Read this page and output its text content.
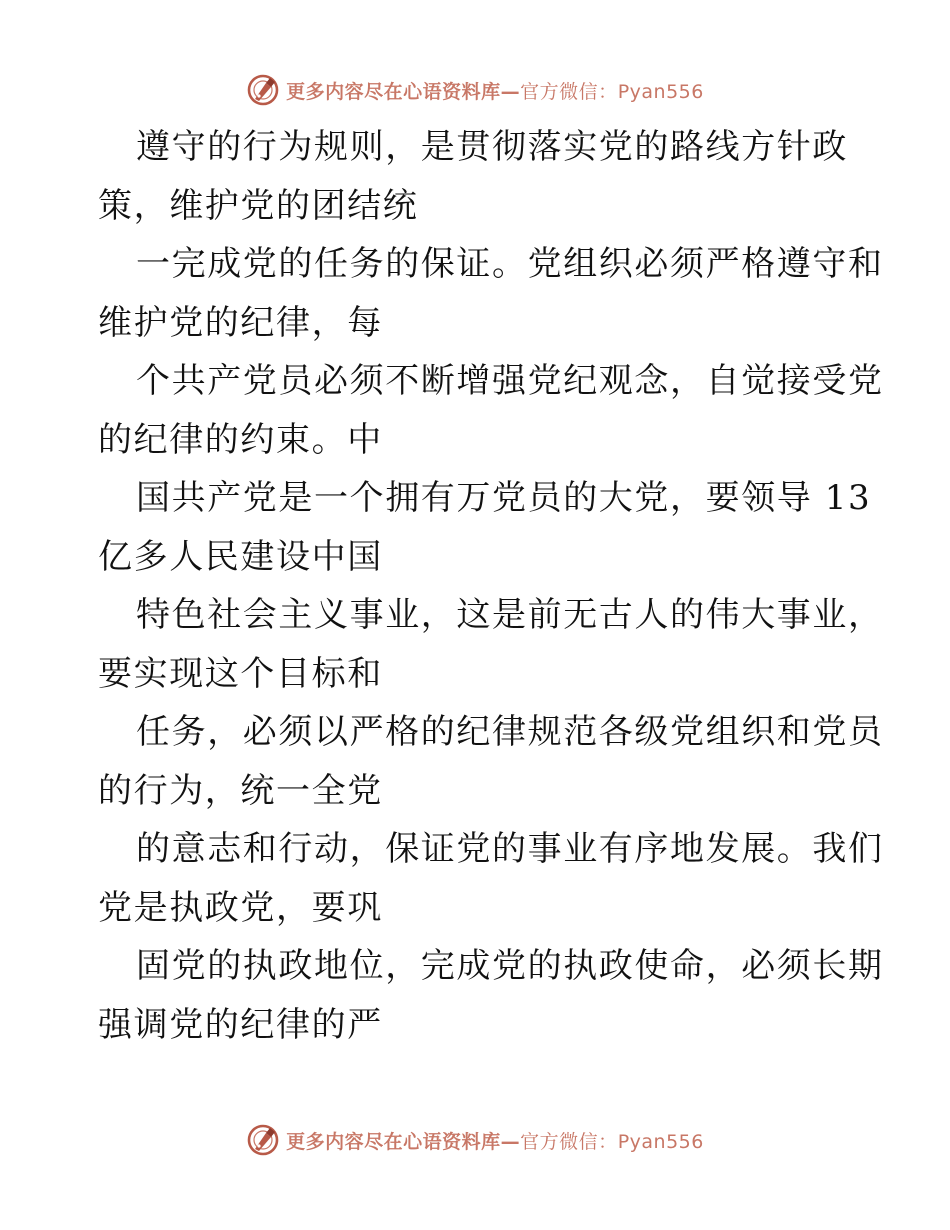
更多内容尽在心语资料库—官方微信：Pyan556
遵守的行为规则，是贯彻落实党的路线方针政
策，维护党的团结统
一完成党的任务的保证。党组织必须严格遵守和
维护党的纪律，每
个共产党员必须不断增强党纪观念，自觉接受党
的纪律的约束。中
国共产党是一个拥有万党员的大党，要领导 13
亿多人民建设中国
特色社会主义事业，这是前无古人的伟大事业，
要实现这个目标和
任务，必须以严格的纪律规范各级党组织和党员
的行为，统一全党
的意志和行动，保证党的事业有序地发展。我们
党是执政党，要巩
固党的执政地位，完成党的执政使命，必须长期
强调党的纪律的严
更多内容尽在心语资料库—官方微信：Pyan556
